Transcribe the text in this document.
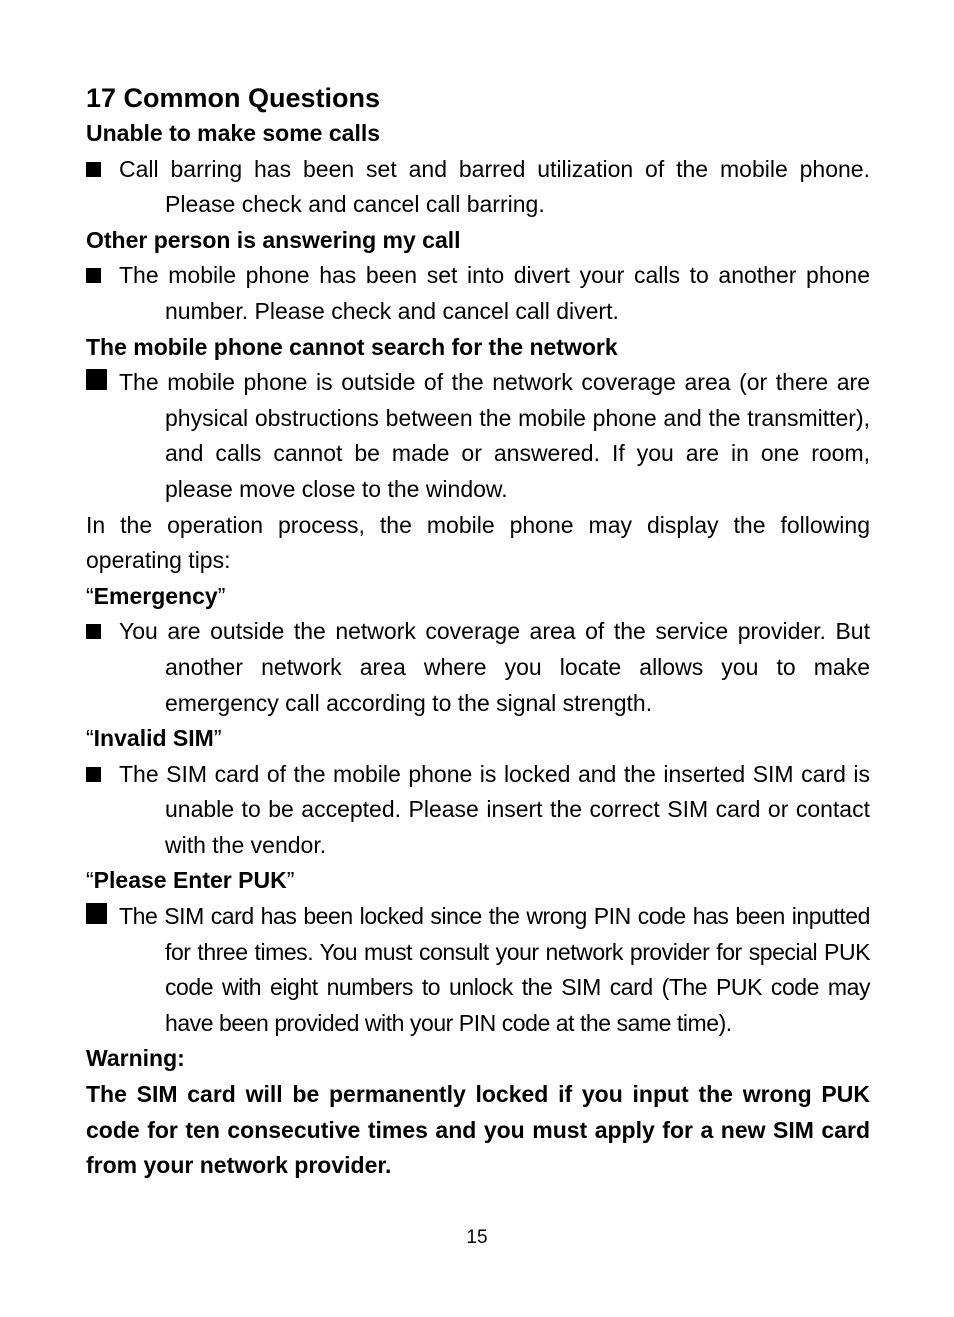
17 Common Questions

Unable to make some calls

Call barring has been set and barred utilization of the mobile phone. Please check and cancel call barring.

Other person is answering my call

The mobile phone has been set into divert your calls to another phone number. Please check and cancel call divert.

The mobile phone cannot search for the network

The mobile phone is outside of the network coverage area (or there are physical obstructions between the mobile phone and the transmitter), and calls cannot be made or answered. If you are in one room, please move close to the window.

In the operation process, the mobile phone may display the following operating tips:

“Emergency”

You are outside the network coverage area of the service provider. But another network area where you locate allows you to make emergency call according to the signal strength.

“Invalid SIM”

The SIM card of the mobile phone is locked and the inserted SIM card is unable to be accepted. Please insert the correct SIM card or contact with the vendor.

“Please Enter PUK”

The SIM card has been locked since the wrong PIN code has been inputted for three times. You must consult your network provider for special PUK code with eight numbers to unlock the SIM card (The PUK code may have been provided with your PIN code at the same time).

Warning:

The SIM card will be permanently locked if you input the wrong PUK code for ten consecutive times and you must apply for a new SIM card from your network provider.

15
